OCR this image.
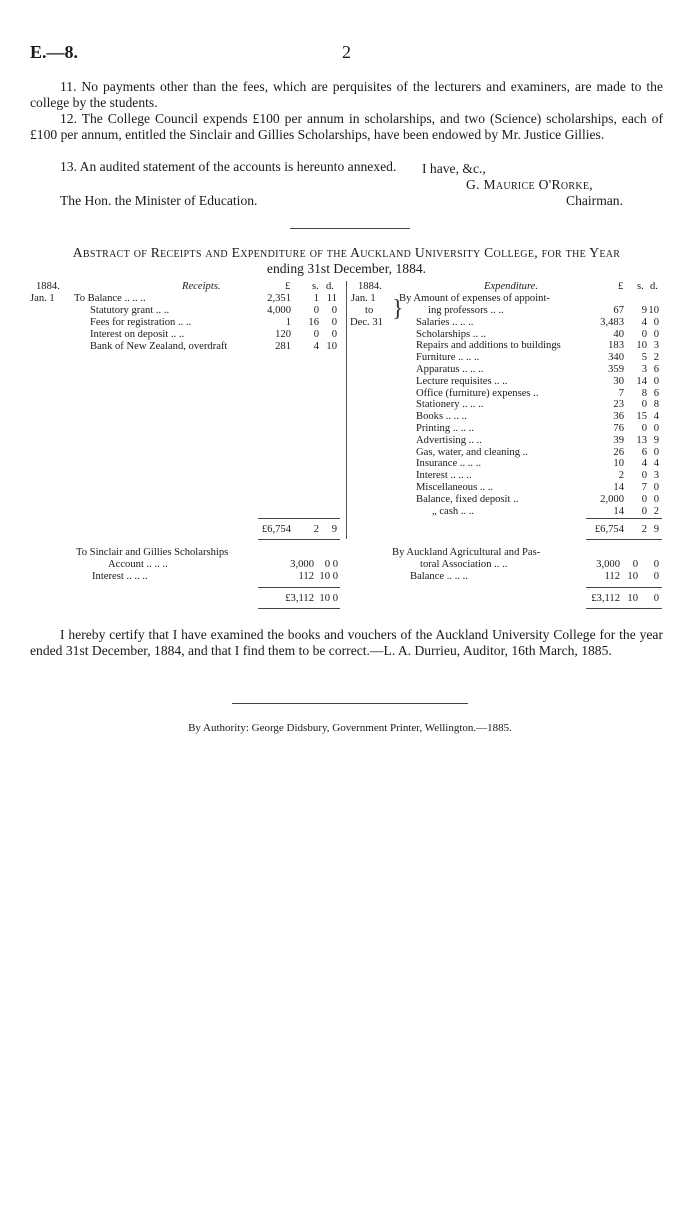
E.—8.	2
11. No payments other than the fees, which are perquisites of the lecturers and examiners, are made to the college by the students.
12. The College Council expends £100 per annum in scholarships, and two (Science) scholarships, each of £100 per annum, entitled the Sinclair and Gillies Scholarships, have been endowed by Mr. Justice Gillies.
13. An audited statement of the accounts is hereunto annexed.	I have, &c.,
G. Maurice O'Rorke,
The Hon. the Minister of Education.	Chairman.
Abstract of Receipts and Expenditure of the Auckland University College, for the Year
ending 31st December, 1884.
1884.	Receipts.	£ s. d.
Jan. 1 To Balance .. .. ..	2,351 1 11
Statutory grant .. ..	4,000 0 0
Fees for registration .. ..	1 16 0
Interest on deposit .. ..	120 0 0
Bank of New Zealand, overdraft	281 4 10
£6,754 2 9
1884.	Expenditure.	£ s. d.
Jan. 1
to
Dec. 31
}
By Amount of expenses of appoint-
ing professors .. ..	67 9 10
Salaries .. .. ..	3,483 4 0
Scholarships .. ..	40 0 0
Repairs and additions to buildings	183 10 3
Furniture .. .. ..	340 5 2
Apparatus .. .. ..	359 3 6
Lecture requisites .. ..	30 14 0
Office (furniture) expenses ..	7 8 6
Stationery .. .. ..	23 0 8
Books .. .. ..	36 15 4
Printing .. .. ..	76 0 0
Advertising .. ..	39 13 9
Gas, water, and cleaning ..	26 6 0
Insurance .. .. ..	10 4 4
Interest .. .. ..	2 0 3
Miscellaneous .. ..	14 7 0
Balance, fixed deposit ..	2,000 0 0
„ cash .. ..	14 0 2
£6,754 2 9
To Sinclair and Gillies Scholarships
Account .. .. ..	3,000 0 0
Interest .. .. ..	112 10 0
£3,112 10 0
By Auckland Agricultural and Pas-
toral Association .. ..	3,000 0 0
Balance .. .. ..	112 10 0
£3,112 10 0
I hereby certify that I have examined the books and vouchers of the Auckland University College for the year ended 31st December, 1884, and that I find them to be correct.—L. A. Durrieu, Auditor, 16th March, 1885.
By Authority: George Didsbury, Government Printer, Wellington.—1885.
